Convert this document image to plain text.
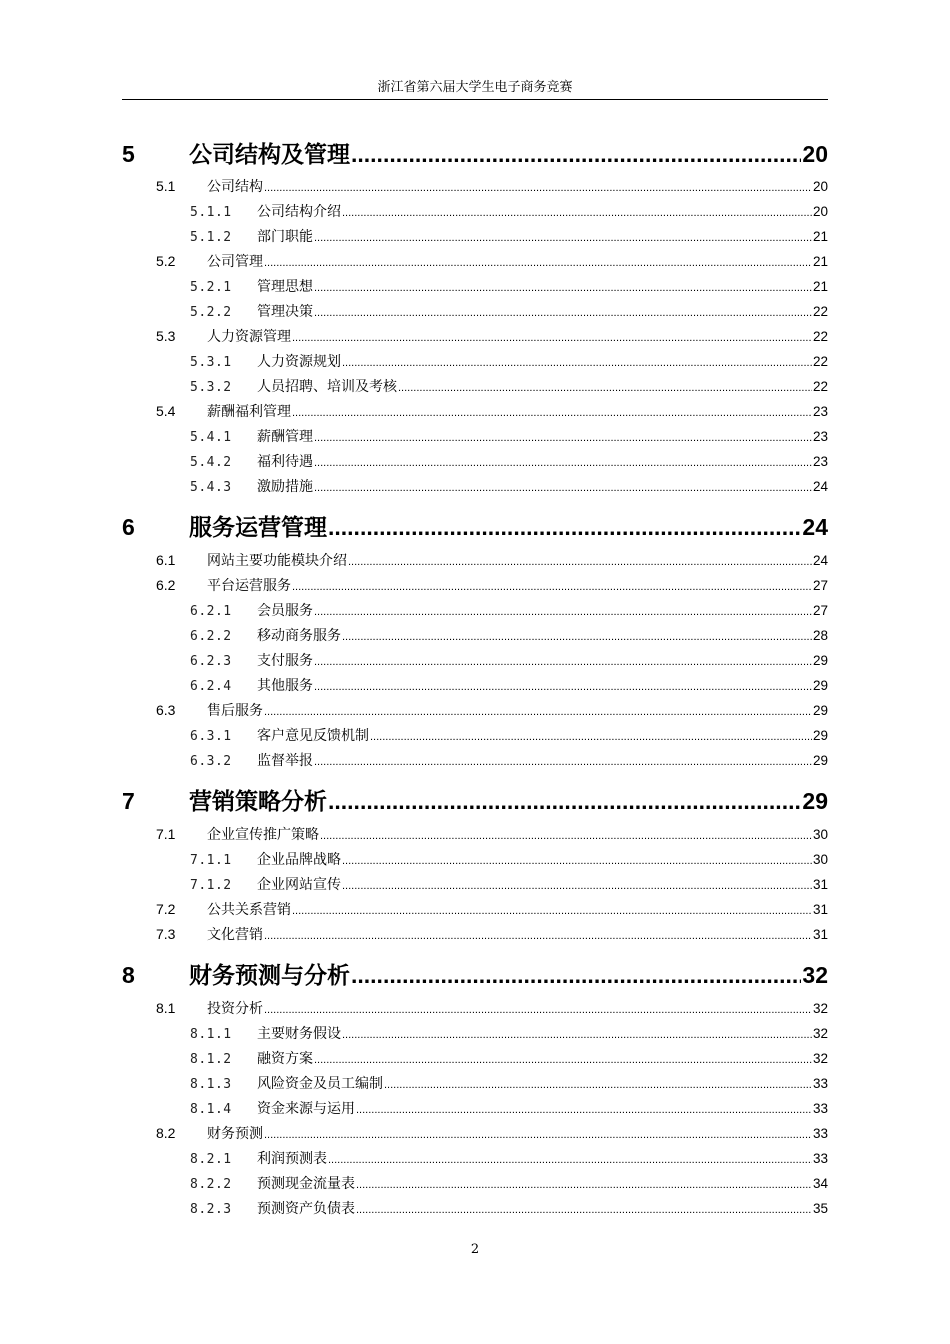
浙江省第六届大学生电子商务竞赛
5	公司结构及管理 .....	20
5.1	公司结构 .....	20
5.1.1	公司结构介绍 .....	20
5.1.2	部门职能 .....	21
5.2	公司管理 .....	21
5.2.1	管理思想 .....	21
5.2.2	管理决策 .....	22
5.3	人力资源管理 .....	22
5.3.1	人力资源规划 .....	22
5.3.2	人员招聘、培训及考核 .....	22
5.4	薪酬福利管理 .....	23
5.4.1	薪酬管理 .....	23
5.4.2	福利待遇 .....	23
5.4.3	激励措施 .....	24
6	服务运营管理 .....	24
6.1	网站主要功能模块介绍 .....	24
6.2	平台运营服务 .....	27
6.2.1	会员服务 .....	27
6.2.2	移动商务服务 .....	28
6.2.3	支付服务 .....	29
6.2.4	其他服务 .....	29
6.3	售后服务 .....	29
6.3.1	客户意见反馈机制 .....	29
6.3.2	监督举报 .....	29
7	营销策略分析 .....	29
7.1	企业宣传推广策略 .....	30
7.1.1	企业品牌战略 .....	30
7.1.2	企业网站宣传 .....	31
7.2	公共关系营销 .....	31
7.3	文化营销 .....	31
8	财务预测与分析 .....	32
8.1	投资分析 .....	32
8.1.1	主要财务假设 .....	32
8.1.2	融资方案 .....	32
8.1.3	风险资金及员工编制 .....	33
8.1.4	资金来源与运用 .....	33
8.2	财务预测 .....	33
8.2.1	利润预测表 .....	33
8.2.2	预测现金流量表 .....	34
8.2.3	预测资产负债表 .....	35
2
